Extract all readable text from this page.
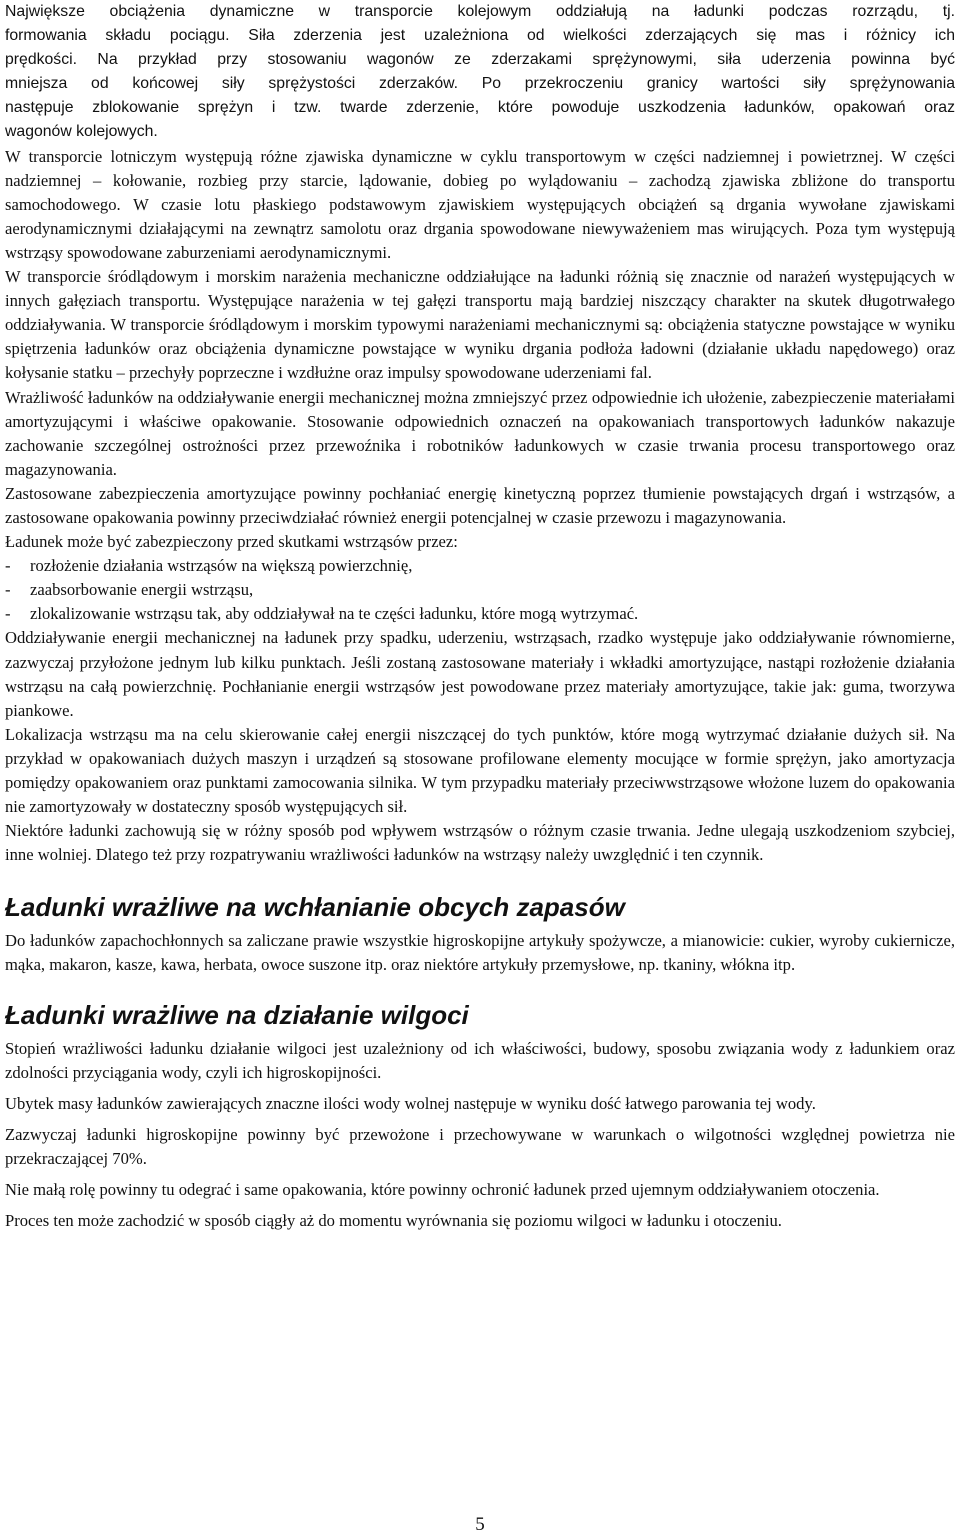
Największe obciążenia dynamiczne w transporcie kolejowym oddziałują na ładunki podczas rozrządu, tj.

formowania składu pociągu. Siła zderzenia jest uzależniona od wielkości zderzających się mas i różnicy ich

prędkości. Na przykład przy stosowaniu wagonów ze zderzakami sprężynowymi, siła uderzenia powinna być

mniejsza od końcowej siły sprężystości zderzaków. Po przekroczeniu granicy wartości siły sprężynowania

następuje zblokowanie sprężyn i tzw. twarde zderzenie, które powoduje uszkodzenia ładunków, opakowań oraz

wagonów kolejowych.

W transporcie lotniczym występują różne zjawiska dynamiczne w cyklu transportowym w części nadziemnej i powietrznej. W części nadziemnej – kołowanie, rozbieg przy starcie, lądowanie, dobieg po wylądowaniu – zachodzą zjawiska zbliżone do transportu samochodowego. W czasie lotu płaskiego podstawowym zjawiskiem występujących obciążeń są drgania wywołane zjawiskami aerodynamicznymi działającymi na zewnątrz samolotu oraz drgania spowodowane niewyważeniem mas wirujących. Poza tym występują wstrząsy spowodowane zaburzeniami aerodynamicznymi.

W transporcie śródlądowym i morskim narażenia mechaniczne oddziałujące na ładunki różnią się znacznie od narażeń występujących w innych gałęziach transportu. Występujące narażenia w tej gałęzi transportu mają bardziej niszczący charakter na skutek długotrwałego oddziaływania. W transporcie śródlądowym i morskim typowymi narażeniami mechanicznymi są: obciążenia statyczne powstające w wyniku spiętrzenia ładunków oraz obciążenia dynamiczne powstające w wyniku drgania podłoża ładowni (działanie układu napędowego) oraz kołysanie statku – przechyły poprzeczne i wzdłużne oraz impulsy spowodowane uderzeniami fal.

Wrażliwość ładunków na oddziaływanie energii mechanicznej można zmniejszyć przez odpowiednie ich ułożenie, zabezpieczenie materiałami amortyzującymi i właściwe opakowanie. Stosowanie odpowiednich oznaczeń na opakowaniach transportowych ładunków nakazuje zachowanie szczególnej ostrożności przez przewoźnika i robotników ładunkowych w czasie trwania procesu transportowego oraz magazynowania.

Zastosowane zabezpieczenia amortyzujące powinny pochłaniać energię kinetyczną poprzez tłumienie powstających drgań i wstrząsów, a zastosowane opakowania powinny przeciwdziałać również energii potencjalnej w czasie przewozu i magazynowania.

Ładunek może być zabezpieczony przed skutkami wstrząsów przez:

-	rozłożenie działania wstrząsów na większą powierzchnię,
-	zaabsorbowanie energii wstrząsu,
-	zlokalizowanie wstrząsu tak, aby oddziaływał na te części ładunku, które mogą wytrzymać.

Oddziaływanie energii mechanicznej na ładunek przy spadku, uderzeniu, wstrząsach, rzadko występuje jako oddziaływanie równomierne, zazwyczaj przyłożone jednym lub kilku punktach. Jeśli zostaną zastosowane materiały i wkładki amortyzujące, nastąpi rozłożenie działania wstrząsu na całą powierzchnię. Pochłanianie energii wstrząsów jest powodowane przez materiały amortyzujące, takie jak: guma, tworzywa piankowe.

Lokalizacja wstrząsu ma na celu skierowanie całej energii niszczącej do tych punktów, które mogą wytrzymać działanie dużych sił. Na przykład w opakowaniach dużych maszyn i urządzeń są stosowane profilowane elementy mocujące w formie sprężyn, jako amortyzacja pomiędzy opakowaniem oraz punktami zamocowania silnika. W tym przypadku materiały przeciwwstrząsowe włożone luzem do opakowania nie zamortyzowały w dostateczny sposób występujących sił.

Niektóre ładunki zachowują się w różny sposób pod wpływem wstrząsów o różnym czasie trwania. Jedne ulegają uszkodzeniom szybciej, inne wolniej. Dlatego też przy rozpatrywaniu wrażliwości ładunków na wstrząsy należy uwzględnić i ten czynnik.

Ładunki wrażliwe na wchłanianie obcych zapasów

Do ładunków zapachochłonnych sa zaliczane prawie wszystkie higroskopijne artykuły spożywcze, a mianowicie: cukier, wyroby cukiernicze, mąka, makaron, kasze, kawa, herbata, owoce suszone itp. oraz niektóre artykuły przemysłowe, np. tkaniny, włókna itp.

Ładunki wrażliwe na działanie wilgoci

Stopień wrażliwości ładunku działanie wilgoci jest uzależniony od ich właściwości, budowy, sposobu związania wody z ładunkiem oraz zdolności przyciągania wody, czyli ich higroskopijności.

Ubytek masy ładunków zawierających znaczne ilości wody wolnej następuje w wyniku dość łatwego parowania tej wody.

Zazwyczaj ładunki higroskopijne powinny być przewożone i przechowywane w warunkach o wilgotności względnej powietrza nie przekraczającej 70%.

Nie małą rolę powinny tu odegrać i same opakowania, które powinny ochronić ładunek przed ujemnym oddziaływaniem otoczenia.

Proces ten może zachodzić w sposób ciągły aż do momentu wyrównania się poziomu wilgoci w ładunku i otoczeniu.

5
